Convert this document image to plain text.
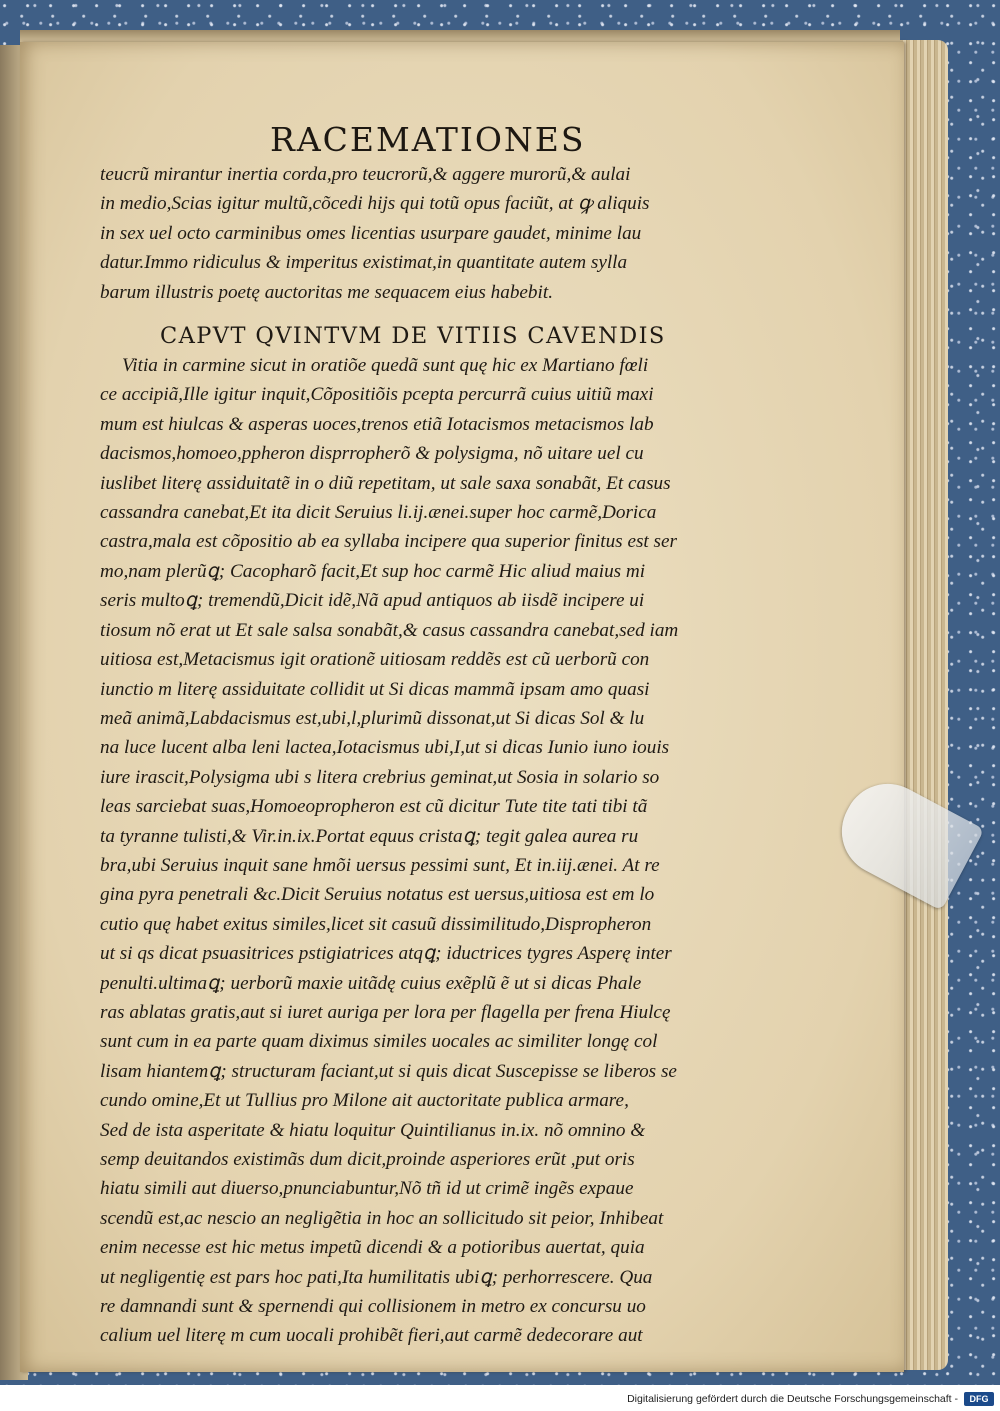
RACEMATIONES
teucrũ mirantur inertia corda,pro teucrorũ,& aggere murorũ,& aulai
in medio,Scias igitur multũ,cõcedi hijs qui totũ opus faciũt, at ꝙ aliquis
in sex uel octo carminibus omes licentias usurpare gaudet, minime lau
datur.Immo ridiculus & imperitus existimat,in quantitate autem sylla
barum illustris poetę auctoritas me sequacem eius habebit.
CAPVT QVINTVM DE VITIIS CAVENDIS
Vitia in carmine sicut in oratiõe quedã sunt quę hic ex Martiano fœli
ce accipiã,Ille igitur inquit,Cõpositiõis pcepta percurrã cuius uitiũ maxi
mum est hiulcas & asperas uoces,trenos etiã Iotacismos metacismos lab
dacismos,homoeo,ppheron disprropherõ & polysigma, nõ uitare uel cu
iuslibet literę assiduitatẽ in o diũ repetitam, ut sale saxa sonabãt, Et casus
cassandra canebat,Et ita dicit Seruius li.ij.ænei.super hoc carmẽ,Dorica
castra,mala est cõpositio ab ea syllaba incipere qua superior finitus est ser
mo,nam plerũꝗ; Cacopharõ facit,Et sup hoc carmẽ Hic aliud maius mi
seris multoꝗ; tremendũ,Dicit idẽ,Nã apud antiquos ab iisdẽ incipere ui
tiosum nõ erat ut Et sale salsa sonabãt,& casus cassandra canebat,sed iam
uitiosa est,Metacismus igit orationẽ uitiosam reddẽs est cũ uerborũ con
iunctio m literę assiduitate collidit ut Si dicas mammã ipsam amo quasi
meã animã,Labdacismus est,ubi,l,plurimũ dissonat,ut Si dicas Sol & lu
na luce lucent alba leni lactea,Iotacismus ubi,I,ut si dicas Iunio iuno iouis
iure irascit,Polysigma ubi s litera crebrius geminat,ut Sosia in solario so
leas sarciebat suas,Homoeopropheron est cũ dicitur Tute tite tati tibi tã
ta tyranne tulisti,& Vir.in.ix.Portat equus cristaꝗ; tegit galea aurea ru
bra,ubi Seruius inquit sane hmõi uersus pessimi sunt, Et in.iij.ænei. At re
gina pyra penetrali &c.Dicit Seruius notatus est uersus,uitiosa est em lo
cutio quę habet exitus similes,licet sit casuũ dissimilitudo,Dispropheron
ut si qs dicat psuasitrices pstigiatrices atqꝗ; iductrices tygres Asperę inter
penulti.ultimaꝗ; uerborũ maxie uitãdę cuius exẽplũ ẽ ut si dicas Phale
ras ablatas gratis,aut si iuret auriga per lora per flagella per frena Hiulcę
sunt cum in ea parte quam diximus similes uocales ac similiter longę col
lisam hiantemꝗ; structuram faciant,ut si quis dicat Suscepisse se liberos se
cundo omine,Et ut Tullius pro Milone ait auctoritate publica armare,
Sed de ista asperitate & hiatu loquitur Quintilianus in.ix. nõ omnino &
semp deuitandos existimãs dum dicit,proinde asperiores erũt ,put oris
hiatu simili aut diuerso,pnunciabuntur,Nõ tñ id ut crimẽ ingẽs expaue
scendũ est,ac nescio an negligẽtia in hoc an sollicitudo sit peior, Inhibeat
enim necesse est hic metus impetũ dicendi & a potioribus auertat, quia
ut negligentię est pars hoc pati,Ita humilitatis ubiꝗ; perhorrescere. Qua
re damnandi sunt & spernendi qui collisionem in metro ex concursu uo
calium uel literę m cum uocali prohibẽt fieri,aut carmẽ dedecorare aut
Digitalisierung gefördert durch die Deutsche Forschungsgemeinschaft -	DFG
